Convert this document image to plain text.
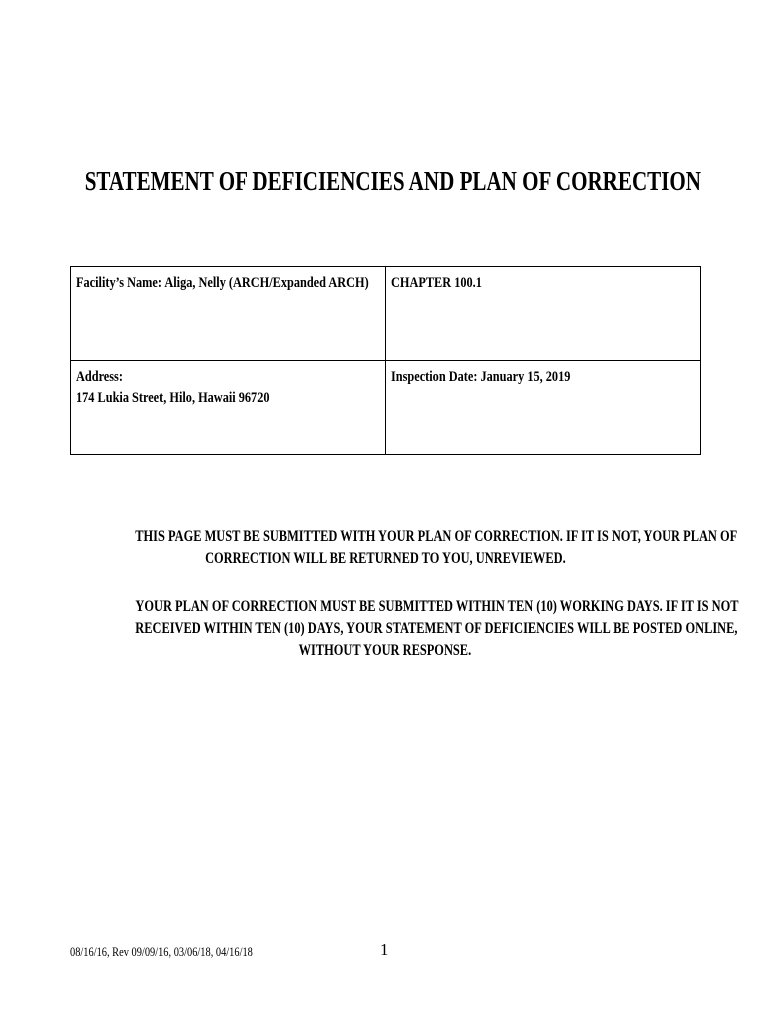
STATEMENT OF DEFICIENCIES AND PLAN OF CORRECTION
Facility’s Name: Aliga, Nelly (ARCH/Expanded ARCH)	CHAPTER 100.1

Address:
174 Lukia Street, Hilo, Hawaii 96720	Inspection Date: January 15, 2019
THIS PAGE MUST BE SUBMITTED WITH YOUR PLAN OF CORRECTION. IF IT IS NOT, YOUR PLAN OF
CORRECTION WILL BE RETURNED TO YOU, UNREVIEWED.
YOUR PLAN OF CORRECTION MUST BE SUBMITTED WITHIN TEN (10) WORKING DAYS. IF IT IS NOT
RECEIVED WITHIN TEN (10) DAYS, YOUR STATEMENT OF DEFICIENCIES WILL BE POSTED ONLINE,
WITHOUT YOUR RESPONSE.
08/16/16, Rev 09/09/16, 03/06/18, 04/16/18	1
